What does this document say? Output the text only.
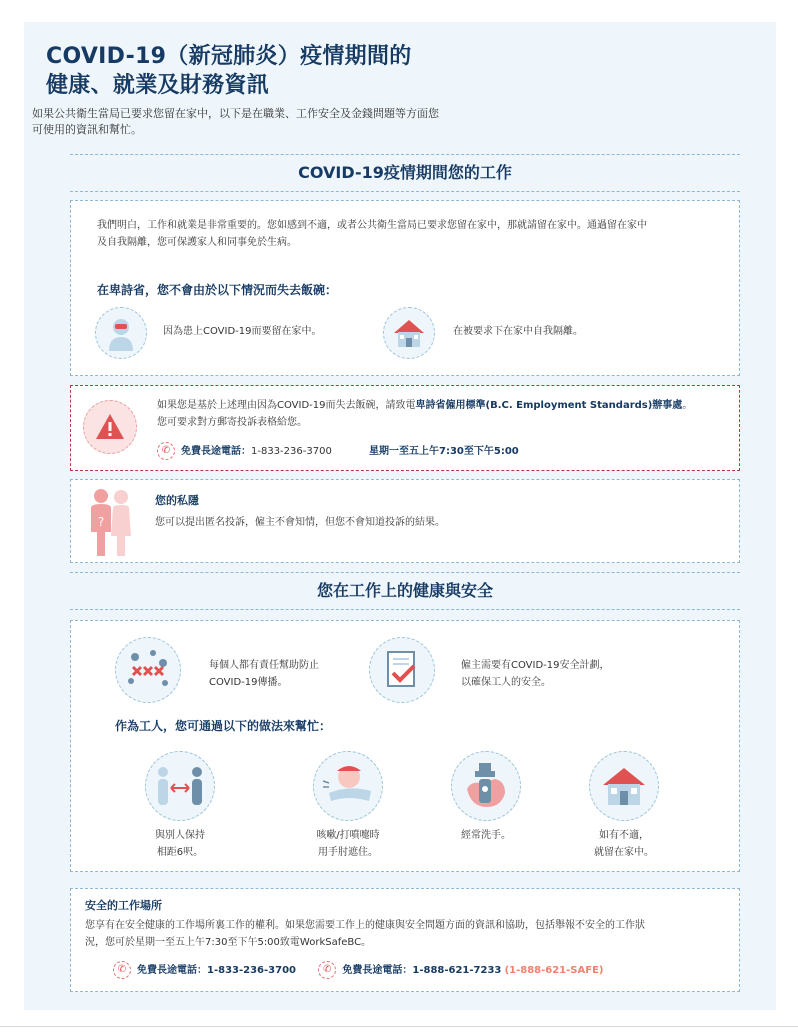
COVID-19（新冠肺炎）疫情期間的
健康、就業及財務資訊
如果公共衛生當局已要求您留在家中，以下是在職業、工作安全及金錢問題等方面您
可使用的資訊和幫忙。
COVID-19疫情期間您的工作
我們明白，工作和就業是非常重要的。您如感到不適，或者公共衛生當局已要求您留在家中，那就請留在家中。通過留在家中
及自我隔離，您可保護家人和同事免於生病。
在卑詩省，您不會由於以下情況而失去飯碗：
因為患上COVID-19而要留在家中。	在被要求下在家中自我隔離。
如果您是基於上述理由因為COVID-19而失去飯碗，請致電卑詩省僱用標準(B.C. Employment Standards)辦事處。
您可要求對方郵寄投訴表格給您。
✆ 免費長途電話：1-833-236-3700	星期一至五上午7:30至下午5:00
?
您的私隱
您可以提出匿名投訴，僱主不會知情，但您不會知道投訴的結果。
您在工作上的健康與安全
每個人都有責任幫助防止
COVID-19傳播。
僱主需要有COVID-19安全計劃，
以確保工人的安全。
作為工人，您可通過以下的做法來幫忙：
與別人保持
相距6呎。
咳嗽/打噴嚏時
用手肘遮住。
經常洗手。	如有不適，
就留在家中。
安全的工作場所
您享有在安全健康的工作場所裏工作的權利。如果您需要工作上的健康與安全問題方面的資訊和協助，包括舉報不安全的工作狀
況，您可於星期一至五上午7:30至下午5:00致電WorkSafeBC。
✆ 免費長途電話：1-833-236-3700	✆ 免費長途電話：1-888-621-7233 (1-888-621-SAFE)
